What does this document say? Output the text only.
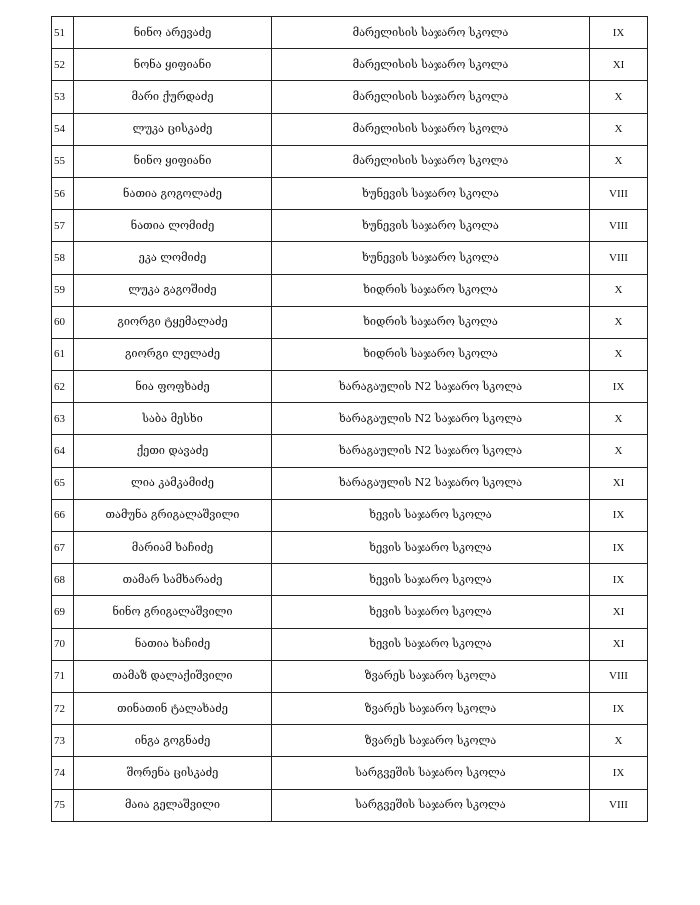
51	ნინო არევაძე	მარელისის საჯარო სკოლა	IX
52	ნონა ყიფიანი	მარელისის საჯარო სკოლა	XI
53	მარი ქურდაძე	მარელისის საჯარო სკოლა	X
54	ლუკა ცისკაძე	მარელისის საჯარო სკოლა	X
55	ნინო ყიფიანი	მარელისის საჯარო სკოლა	X
56	ნათია გოგოლაძე	ხუნევის საჯარო სკოლა	VIII
57	ნათია ლომიძე	ხუნევის საჯარო სკოლა	VIII
58	ეკა ლომიძე	ხუნევის საჯარო სკოლა	VIII
59	ლუკა გაგოშიძე	ხიდრის საჯარო სკოლა	X
60	გიორგი ტყემალაძე	ხიდრის საჯარო სკოლა	X
61	გიორგი ლელაძე	ხიდრის საჯარო სკოლა	X
62	ნია ფოფხაძე	ხარაგაულის N2 საჯარო სკოლა	IX
63	საბა მესხი	ხარაგაულის N2 საჯარო სკოლა	X
64	ქეთი დავაძე	ხარაგაულის N2 საჯარო სკოლა	X
65	ლია კამკამიძე	ხარაგაულის N2 საჯარო სკოლა	XI
66	თამუნა გრიგალაშვილი	ხევის საჯარო სკოლა	IX
67	მარიამ ხაჩიძე	ხევის საჯარო სკოლა	IX
68	თამარ სამხარაძე	ხევის საჯარო სკოლა	IX
69	ნინო გრიგალაშვილი	ხევის საჯარო სკოლა	XI
70	ნათია ხაჩიძე	ხევის საჯარო სკოლა	XI
71	თამაზ დალაქიშვილი	ზვარეს საჯარო სკოლა	VIII
72	თინათინ ტალახაძე	ზვარეს საჯარო სკოლა	IX
73	ინგა გოგნაძე	ზვარეს საჯარო სკოლა	X
74	შორენა ცისკაძე	სარგვეშის საჯარო სკოლა	IX
75	მაია გელაშვილი	სარგვეშის საჯარო სკოლა	VIII
